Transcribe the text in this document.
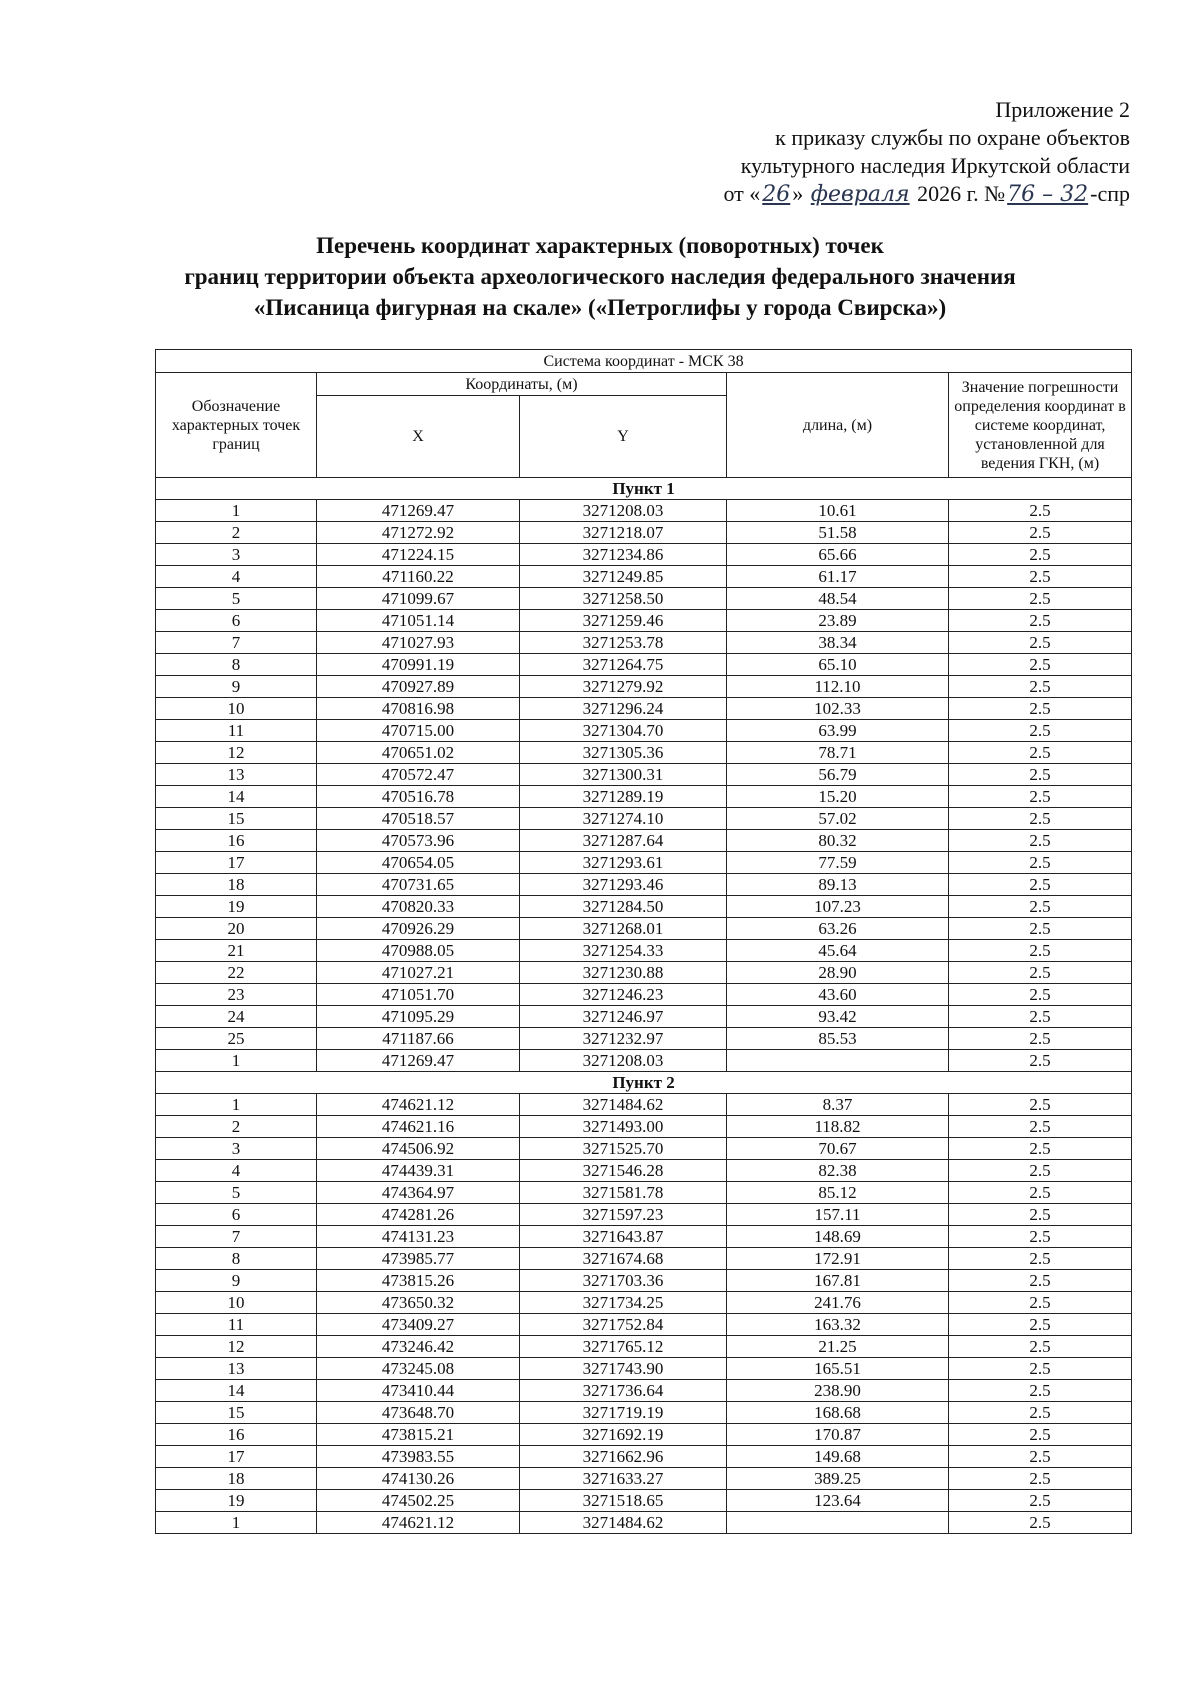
Приложение 2
к приказу службы по охране объектов
культурного наследия Иркутской области
от «26» февраля 2026 г. №76 – 32-спр
Перечень координат характерных (поворотных) точек
границ территории объекта археологического наследия федерального значения
«Писаница фигурная на скале» («Петроглифы у города Свирска»)
Система координат - МСК 38				
Обозначение характерных точек границ	Координаты, (м)		длина, (м)	Значение погрешности определения координат в системе координат, установленной для ведения ГКН, (м)
	X	Y		
Пункт 1				
1	471269.47	3271208.03	10.61	2.5
2	471272.92	3271218.07	51.58	2.5
3	471224.15	3271234.86	65.66	2.5
4	471160.22	3271249.85	61.17	2.5
5	471099.67	3271258.50	48.54	2.5
6	471051.14	3271259.46	23.89	2.5
7	471027.93	3271253.78	38.34	2.5
8	470991.19	3271264.75	65.10	2.5
9	470927.89	3271279.92	112.10	2.5
10	470816.98	3271296.24	102.33	2.5
11	470715.00	3271304.70	63.99	2.5
12	470651.02	3271305.36	78.71	2.5
13	470572.47	3271300.31	56.79	2.5
14	470516.78	3271289.19	15.20	2.5
15	470518.57	3271274.10	57.02	2.5
16	470573.96	3271287.64	80.32	2.5
17	470654.05	3271293.61	77.59	2.5
18	470731.65	3271293.46	89.13	2.5
19	470820.33	3271284.50	107.23	2.5
20	470926.29	3271268.01	63.26	2.5
21	470988.05	3271254.33	45.64	2.5
22	471027.21	3271230.88	28.90	2.5
23	471051.70	3271246.23	43.60	2.5
24	471095.29	3271246.97	93.42	2.5
25	471187.66	3271232.97	85.53	2.5
1	471269.47	3271208.03		2.5
Пункт 2				
1	474621.12	3271484.62	8.37	2.5
2	474621.16	3271493.00	118.82	2.5
3	474506.92	3271525.70	70.67	2.5
4	474439.31	3271546.28	82.38	2.5
5	474364.97	3271581.78	85.12	2.5
6	474281.26	3271597.23	157.11	2.5
7	474131.23	3271643.87	148.69	2.5
8	473985.77	3271674.68	172.91	2.5
9	473815.26	3271703.36	167.81	2.5
10	473650.32	3271734.25	241.76	2.5
11	473409.27	3271752.84	163.32	2.5
12	473246.42	3271765.12	21.25	2.5
13	473245.08	3271743.90	165.51	2.5
14	473410.44	3271736.64	238.90	2.5
15	473648.70	3271719.19	168.68	2.5
16	473815.21	3271692.19	170.87	2.5
17	473983.55	3271662.96	149.68	2.5
18	474130.26	3271633.27	389.25	2.5
19	474502.25	3271518.65	123.64	2.5
1	474621.12	3271484.62		2.5
